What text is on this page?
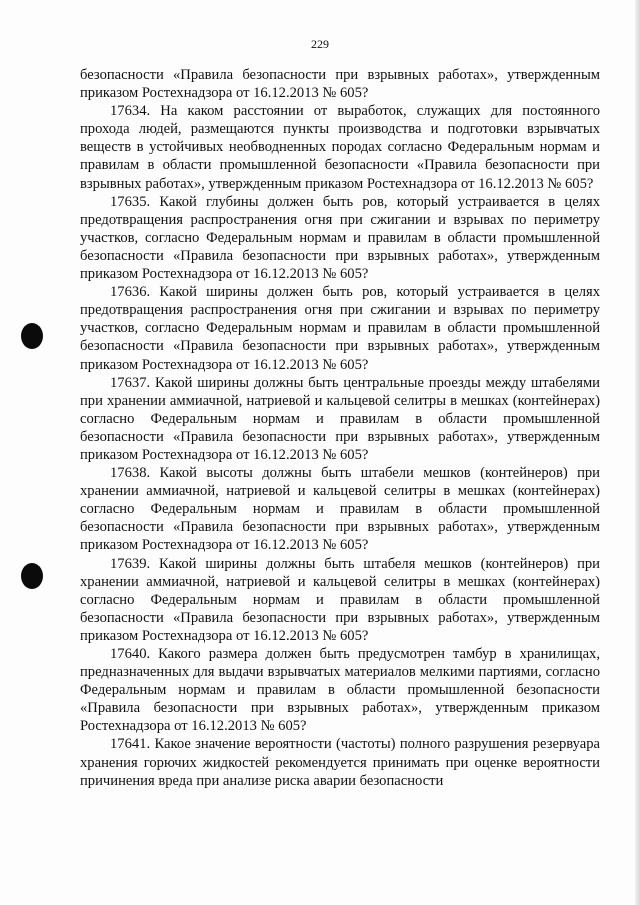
229

безопасности «Правила безопасности при взрывных работах», утвержденным приказом Ростехнадзора от 16.12.2013 № 605?

17634. На каком расстоянии от выработок, служащих для постоянного прохода людей, размещаются пункты производства и подготовки взрывчатых веществ в устойчивых необводненных породах согласно Федеральным нормам и правилам в области промышленной безопасности «Правила безопасности при взрывных работах», утвержденным приказом Ростехнадзора от 16.12.2013 № 605?

17635. Какой глубины должен быть ров, который устраивается в целях предотвращения распространения огня при сжигании и взрывах по периметру участков, согласно Федеральным нормам и правилам в области промышленной безопасности «Правила безопасности при взрывных работах», утвержденным приказом Ростехнадзора от 16.12.2013 № 605?

17636. Какой ширины должен быть ров, который устраивается в целях предотвращения распространения огня при сжигании и взрывах по периметру участков, согласно Федеральным нормам и правилам в области промышленной безопасности «Правила безопасности при взрывных работах», утвержденным приказом Ростехнадзора от 16.12.2013 № 605?

17637. Какой ширины должны быть центральные проезды между штабелями при хранении аммиачной, натриевой и кальцевой селитры в мешках (контейнерах) согласно Федеральным нормам и правилам в области промышленной безопасности «Правила безопасности при взрывных работах», утвержденным приказом Ростехнадзора от 16.12.2013 № 605?

17638. Какой высоты должны быть штабели мешков (контейнеров) при хранении аммиачной, натриевой и кальцевой селитры в мешках (контейнерах) согласно Федеральным нормам и правилам в области промышленной безопасности «Правила безопасности при взрывных работах», утвержденным приказом Ростехнадзора от 16.12.2013 № 605?

17639. Какой ширины должны быть штабеля мешков (контейнеров) при хранении аммиачной, натриевой и кальцевой селитры в мешках (контейнерах) согласно Федеральным нормам и правилам в области промышленной безопасности «Правила безопасности при взрывных работах», утвержденным приказом Ростехнадзора от 16.12.2013 № 605?

17640. Какого размера должен быть предусмотрен тамбур в хранилищах, предназначенных для выдачи взрывчатых материалов мелкими партиями, согласно Федеральным нормам и правилам в области промышленной безопасности «Правила безопасности при взрывных работах», утвержденным приказом Ростехнадзора от 16.12.2013 № 605?

17641. Какое значение вероятности (частоты) полного разрушения резервуара хранения горючих жидкостей рекомендуется принимать при оценке вероятности причинения вреда при анализе риска аварии безопасности
